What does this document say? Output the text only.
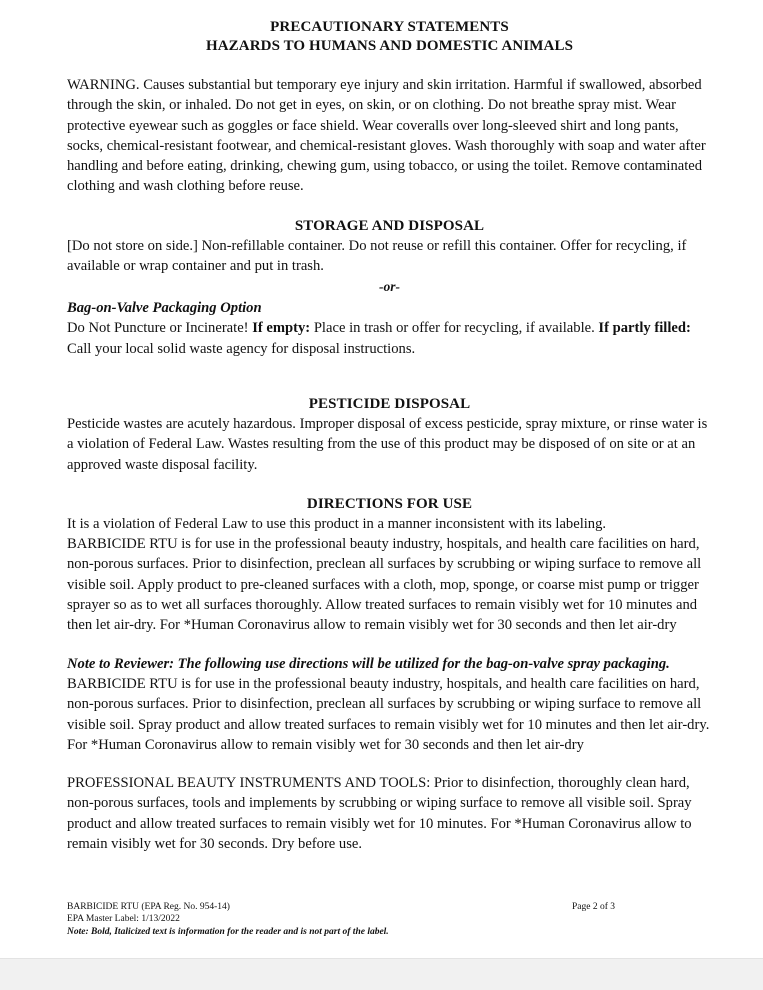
PRECAUTIONARY STATEMENTS
HAZARDS TO HUMANS AND DOMESTIC ANIMALS

WARNING. Causes substantial but temporary eye injury and skin irritation. Harmful if swallowed, absorbed through the skin, or inhaled. Do not get in eyes, on skin, or on clothing. Do not breathe spray mist. Wear protective eyewear such as goggles or face shield. Wear coveralls over long-sleeved shirt and long pants, socks, chemical-resistant footwear, and chemical-resistant gloves. Wash thoroughly with soap and water after handling and before eating, drinking, chewing gum, using tobacco, or using the toilet. Remove contaminated clothing and wash clothing before reuse.

STORAGE AND DISPOSAL

[Do not store on side.] Non-refillable container. Do not reuse or refill this container. Offer for recycling, if available or wrap container and put in trash.

-or-
Bag-on-Valve Packaging Option

Do Not Puncture or Incinerate! If empty: Place in trash or offer for recycling, if available. If partly filled: Call your local solid waste agency for disposal instructions.

PESTICIDE DISPOSAL

Pesticide wastes are acutely hazardous. Improper disposal of excess pesticide, spray mixture, or rinse water is a violation of Federal Law. Wastes resulting from the use of this product may be disposed of on site or at an approved waste disposal facility.

DIRECTIONS FOR USE

It is a violation of Federal Law to use this product in a manner inconsistent with its labeling.

BARBICIDE RTU is for use in the professional beauty industry, hospitals, and health care facilities on hard, non-porous surfaces. Prior to disinfection, preclean all surfaces by scrubbing or wiping surface to remove all visible soil. Apply product to pre-cleaned surfaces with a cloth, mop, sponge, or coarse mist pump or trigger sprayer so as to wet all surfaces thoroughly. Allow treated surfaces to remain visibly wet for 10 minutes and then let air-dry. For *Human Coronavirus allow to remain visibly wet for 30 seconds and then let air-dry

Note to Reviewer: The following use directions will be utilized for the bag-on-valve spray packaging.

BARBICIDE RTU is for use in the professional beauty industry, hospitals, and health care facilities on hard, non-porous surfaces. Prior to disinfection, preclean all surfaces by scrubbing or wiping surface to remove all visible soil. Spray product and allow treated surfaces to remain visibly wet for 10 minutes and then let air-dry. For *Human Coronavirus allow to remain visibly wet for 30 seconds and then let air-dry

PROFESSIONAL BEAUTY INSTRUMENTS AND TOOLS: Prior to disinfection, thoroughly clean hard, non-porous surfaces, tools and implements by scrubbing or wiping surface to remove all visible soil. Spray product and allow treated surfaces to remain visibly wet for 10 minutes. For *Human Coronavirus allow to remain visibly wet for 30 seconds. Dry before use.

BARBICIDE RTU (EPA Reg. No. 954-14)
EPA Master Label: 1/13/2022
Note: Bold, Italicized text is information for the reader and is not part of the label.
Page 2 of 3
